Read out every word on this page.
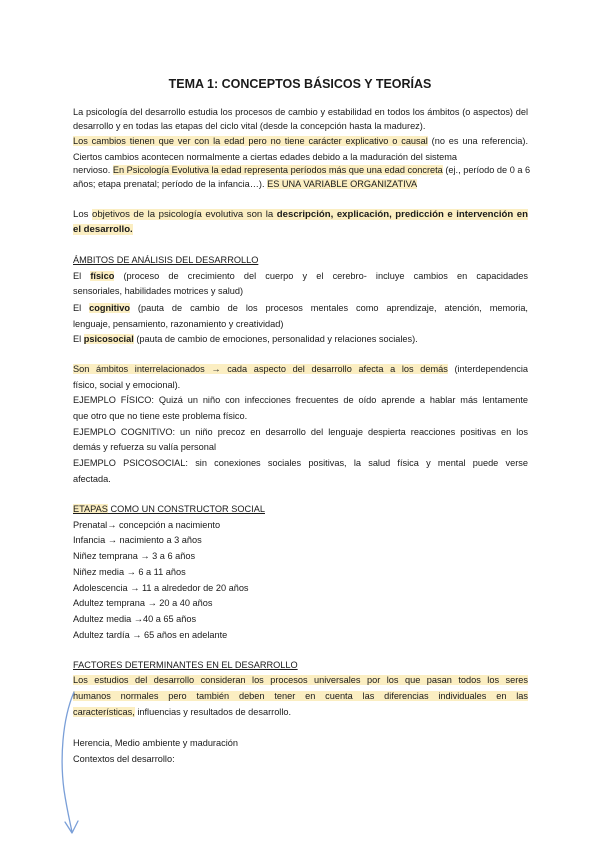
TEMA 1: CONCEPTOS BÁSICOS Y TEORÍAS
La psicología del desarrollo estudia los procesos de cambio y estabilidad en todos los ámbitos (o aspectos) del
desarrollo y en todas las etapas del ciclo vital (desde la concepción hasta la madurez).
Los cambios tienen que ver con la edad pero no tiene carácter explicativo o causal (no es una referencia).
Ciertos cambios acontecen normalmente a ciertas edades debido a la maduración del sistema
nervioso. En Psicología Evolutiva la edad representa períodos más que una edad concreta (ej., período de 0 a 6
años; etapa prenatal; período de la infancia…). ES UNA VARIABLE ORGANIZATIVA
Los objetivos de la psicología evolutiva son la descripción, explicación, predicción e intervención en
el desarrollo.
ÁMBITOS DE ANÁLISIS DEL DESARROLLO
El físico (proceso de crecimiento del cuerpo y el cerebro- incluye cambios en capacidades
sensoriales, habilidades motrices y salud)
El cognitivo (pauta de cambio de los procesos mentales como aprendizaje, atención, memoria,
lenguaje, pensamiento, razonamiento y creatividad)
El psicosocial (pauta de cambio de emociones, personalidad y relaciones sociales).
Son ámbitos interrelacionados → cada aspecto del desarrollo afecta a los demás (interdependencia
físico, social y emocional).
EJEMPLO FÍSICO: Quizá un niño con infecciones frecuentes de oído aprende a hablar más lentamente
que otro que no tiene este problema físico.
EJEMPLO COGNITIVO: un niño precoz en desarrollo del lenguaje despierta reacciones positivas en los
demás y refuerza su valía personal
EJEMPLO PSICOSOCIAL: sin conexiones sociales positivas, la salud física y mental puede verse
afectada.
ETAPAS COMO UN CONSTRUCTOR SOCIAL
Prenatal→ concepción a nacimiento
Infancia → nacimiento a 3 años
Niñez temprana → 3 a 6 años
Niñez media → 6 a 11 años
Adolescencia → 11 a alrededor de 20 años
Adultez temprana → 20 a 40 años
Adultez media →40 a 65 años
Adultez tardía → 65 años en adelante
FACTORES DETERMINANTES EN EL DESARROLLO
Los estudios del desarrollo consideran los procesos universales por los que pasan todos los seres
humanos normales pero también deben tener en cuenta las diferencias individuales en las
características, influencias y resultados de desarrollo.
Herencia, Medio ambiente y maduración
Contextos del desarrollo:
